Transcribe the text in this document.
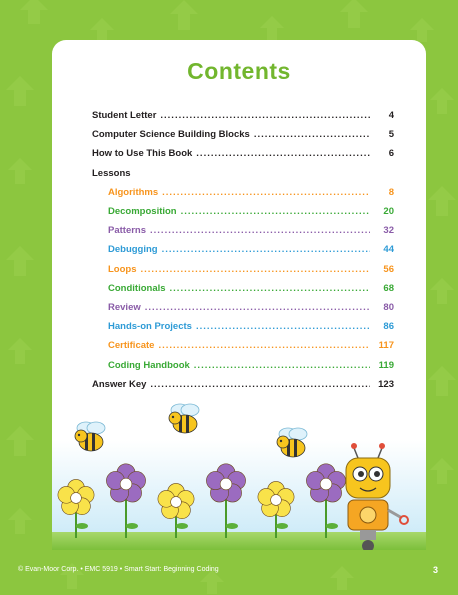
Contents
Student Letter .....	4
Computer Science Building Blocks .....	5
How to Use This Book .....	6
Lessons
Algorithms .....	8
Decomposition .....	20
Patterns .....	32
Debugging .....	44
Loops .....	56
Conditionals .....	68
Review .....	80
Hands-on Projects .....	86
Certificate .....	117
Coding Handbook .....	119
Answer Key .....	123
© Evan-Moor Corp. • EMC 5919 • Smart Start: Beginning Coding	3
